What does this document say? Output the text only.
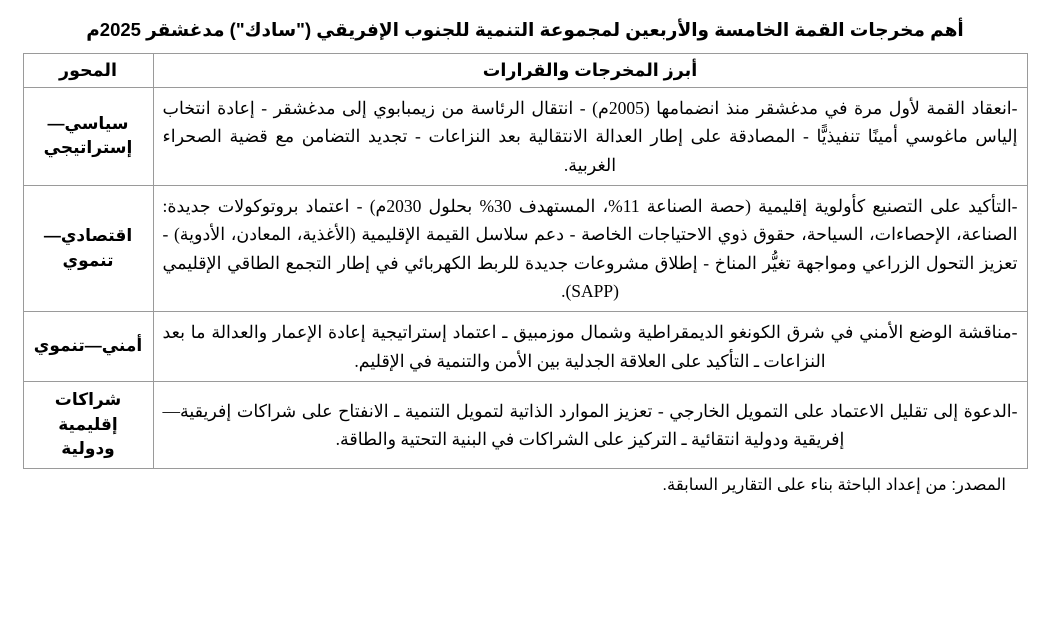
أهم مخرجات القمة الخامسة والأربعين لمجموعة التنمية للجنوب الإفريقي ("سادك") مدغشقر 2025م
أبرز المخرجات والقرارات	المحور
-انعقاد القمة لأول مرة في مدغشقر منذ انضمامها (2005م) - انتقال الرئاسة من زيمبابوي إلى مدغشقر - إعادة انتخاب إلياس ماغوسي أمينًا تنفيذيًّا - المصادقة على إطار العدالة الانتقالية بعد النزاعات - تجديد التضامن مع قضية الصحراء الغربية.	سياسي—إستراتيجي
-التأكيد على التصنيع كأولوية إقليمية (حصة الصناعة 11%، المستهدف 30% بحلول 2030م) - اعتماد بروتوكولات جديدة: الصناعة، الإحصاءات، السياحة، حقوق ذوي الاحتياجات الخاصة - دعم سلاسل القيمة الإقليمية (الأغذية، المعادن، الأدوية) - تعزيز التحول الزراعي ومواجهة تغيُّر المناخ - إطلاق مشروعات جديدة للربط الكهربائي في إطار التجمع الطاقي الإقليمي (SAPP).	اقتصادي—تنموي
-مناقشة الوضع الأمني في شرق الكونغو الديمقراطية وشمال موزمبيق ـ اعتماد إستراتيجية إعادة الإعمار والعدالة ما بعد النزاعات ـ التأكيد على العلاقة الجدلية بين الأمن والتنمية في الإقليم.	أمني—تنموي
-الدعوة إلى تقليل الاعتماد على التمويل الخارجي - تعزيز الموارد الذاتية لتمويل التنمية ـ الانفتاح على شراكات إفريقية—إفريقية ودولية انتقائية ـ التركيز على الشراكات في البنية التحتية والطاقة.	شراكات إقليمية ودولية
المصدر: من إعداد الباحثة بناء على التقارير السابقة.
